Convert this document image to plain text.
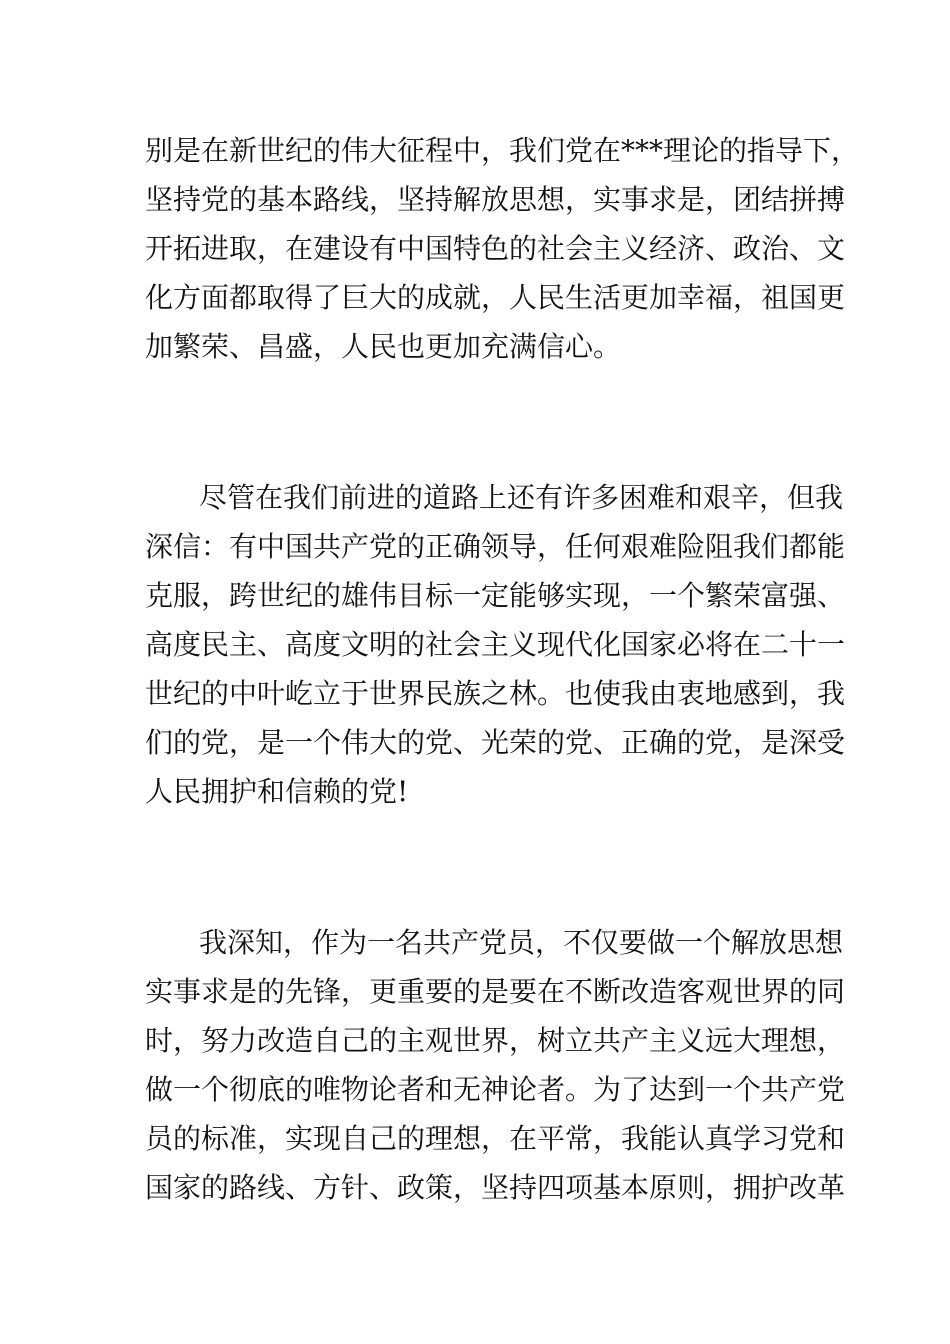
别是在新世纪的伟大征程中，我们党在***理论的指导下，
坚持党的基本路线，坚持解放思想，实事求是，团结拼搏
开拓进取，在建设有中国特色的社会主义经济、政治、文
化方面都取得了巨大的成就，人民生活更加幸福，祖国更
加繁荣、昌盛，人民也更加充满信心。
尽管在我们前进的道路上还有许多困难和艰辛，但我
深信：有中国共产党的正确领导，任何艰难险阻我们都能
克服，跨世纪的雄伟目标一定能够实现，一个繁荣富强、
高度民主、高度文明的社会主义现代化国家必将在二十一
世纪的中叶屹立于世界民族之林。也使我由衷地感到，我
们的党，是一个伟大的党、光荣的党、正确的党，是深受
人民拥护和信赖的党!
我深知，作为一名共产党员，不仅要做一个解放思想
实事求是的先锋，更重要的是要在不断改造客观世界的同
时，努力改造自己的主观世界，树立共产主义远大理想，
做一个彻底的唯物论者和无神论者。为了达到一个共产党
员的标准，实现自己的理想，在平常，我能认真学习党和
国家的路线、方针、政策，坚持四项基本原则，拥护改革
